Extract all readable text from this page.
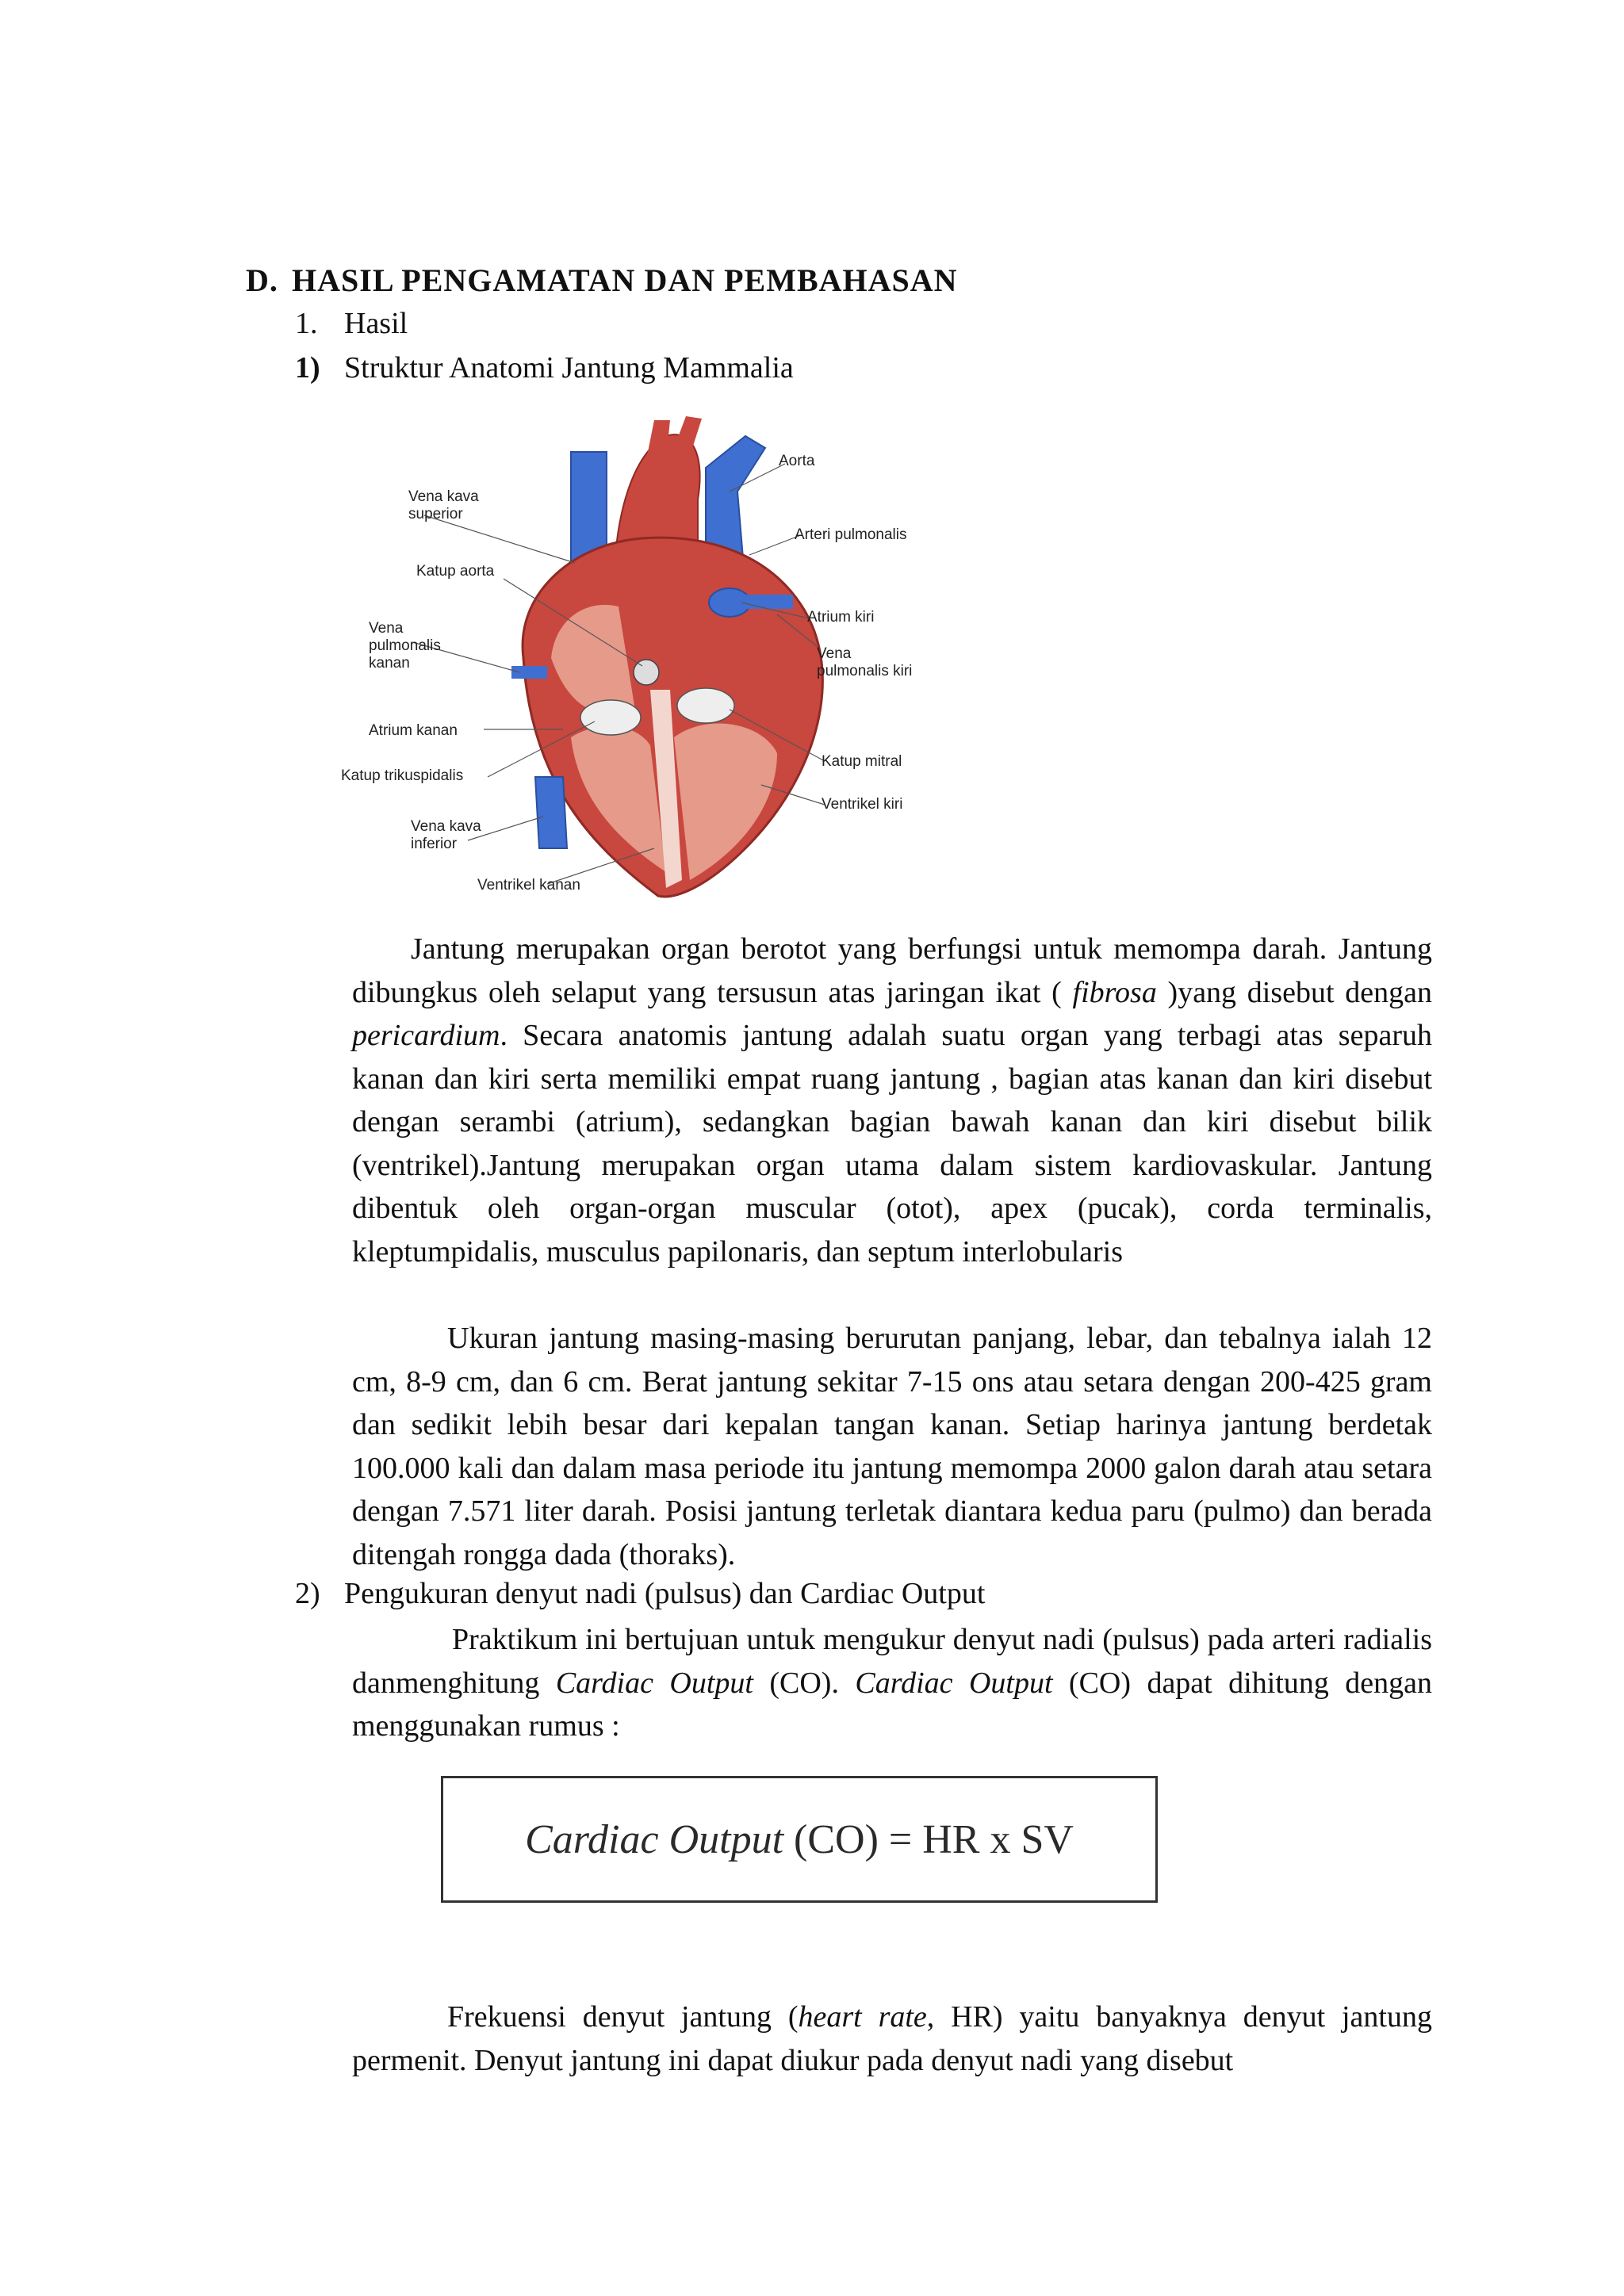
D. HASIL PENGAMATAN DAN PEMBAHASAN
1. Hasil
1) Struktur Anatomi Jantung Mammalia
Vena kava
superior
Katup aorta
Vena
pulmonalis
kanan
Atrium kanan
Katup trikuspidalis
Vena kava
inferior
Ventrikel kanan
Aorta
Arteri pulmonalis
Atrium kiri
Vena
pulmonalis kiri
Katup mitral
Ventrikel kiri
Jantung merupakan organ berotot yang berfungsi untuk memompa darah. Jantung dibungkus oleh selaput yang tersusun atas jaringan ikat ( fibrosa )yang disebut dengan pericardium. Secara anatomis jantung adalah suatu organ yang terbagi atas separuh kanan dan kiri serta memiliki empat ruang jantung , bagian atas kanan dan kiri disebut dengan serambi (atrium), sedangkan bagian bawah kanan dan kiri disebut bilik (ventrikel).Jantung merupakan organ utama dalam sistem kardiovaskular. Jantung dibentuk oleh organ-organ muscular (otot), apex (pucak), corda terminalis, kleptumpidalis, musculus papilonaris, dan septum interlobularis
Ukuran jantung masing-masing berurutan panjang, lebar, dan tebalnya ialah 12 cm, 8-9 cm, dan 6 cm. Berat jantung sekitar 7-15 ons atau setara dengan 200-425 gram dan sedikit lebih besar dari kepalan tangan kanan. Setiap harinya jantung berdetak 100.000 kali dan dalam masa periode itu jantung memompa 2000 galon darah atau setara dengan 7.571 liter darah. Posisi jantung terletak diantara kedua paru (pulmo) dan berada ditengah rongga dada (thoraks).
2) Pengukuran denyut nadi (pulsus) dan Cardiac Output
Praktikum ini bertujuan untuk mengukur denyut nadi (pulsus) pada arteri radialis danmenghitung Cardiac Output (CO). Cardiac Output (CO) dapat dihitung dengan menggunakan rumus :
Cardiac Output (CO) = HR x SV
Frekuensi denyut jantung (heart rate, HR) yaitu banyaknya denyut jantung permenit. Denyut jantung ini dapat diukur pada denyut nadi yang disebut
